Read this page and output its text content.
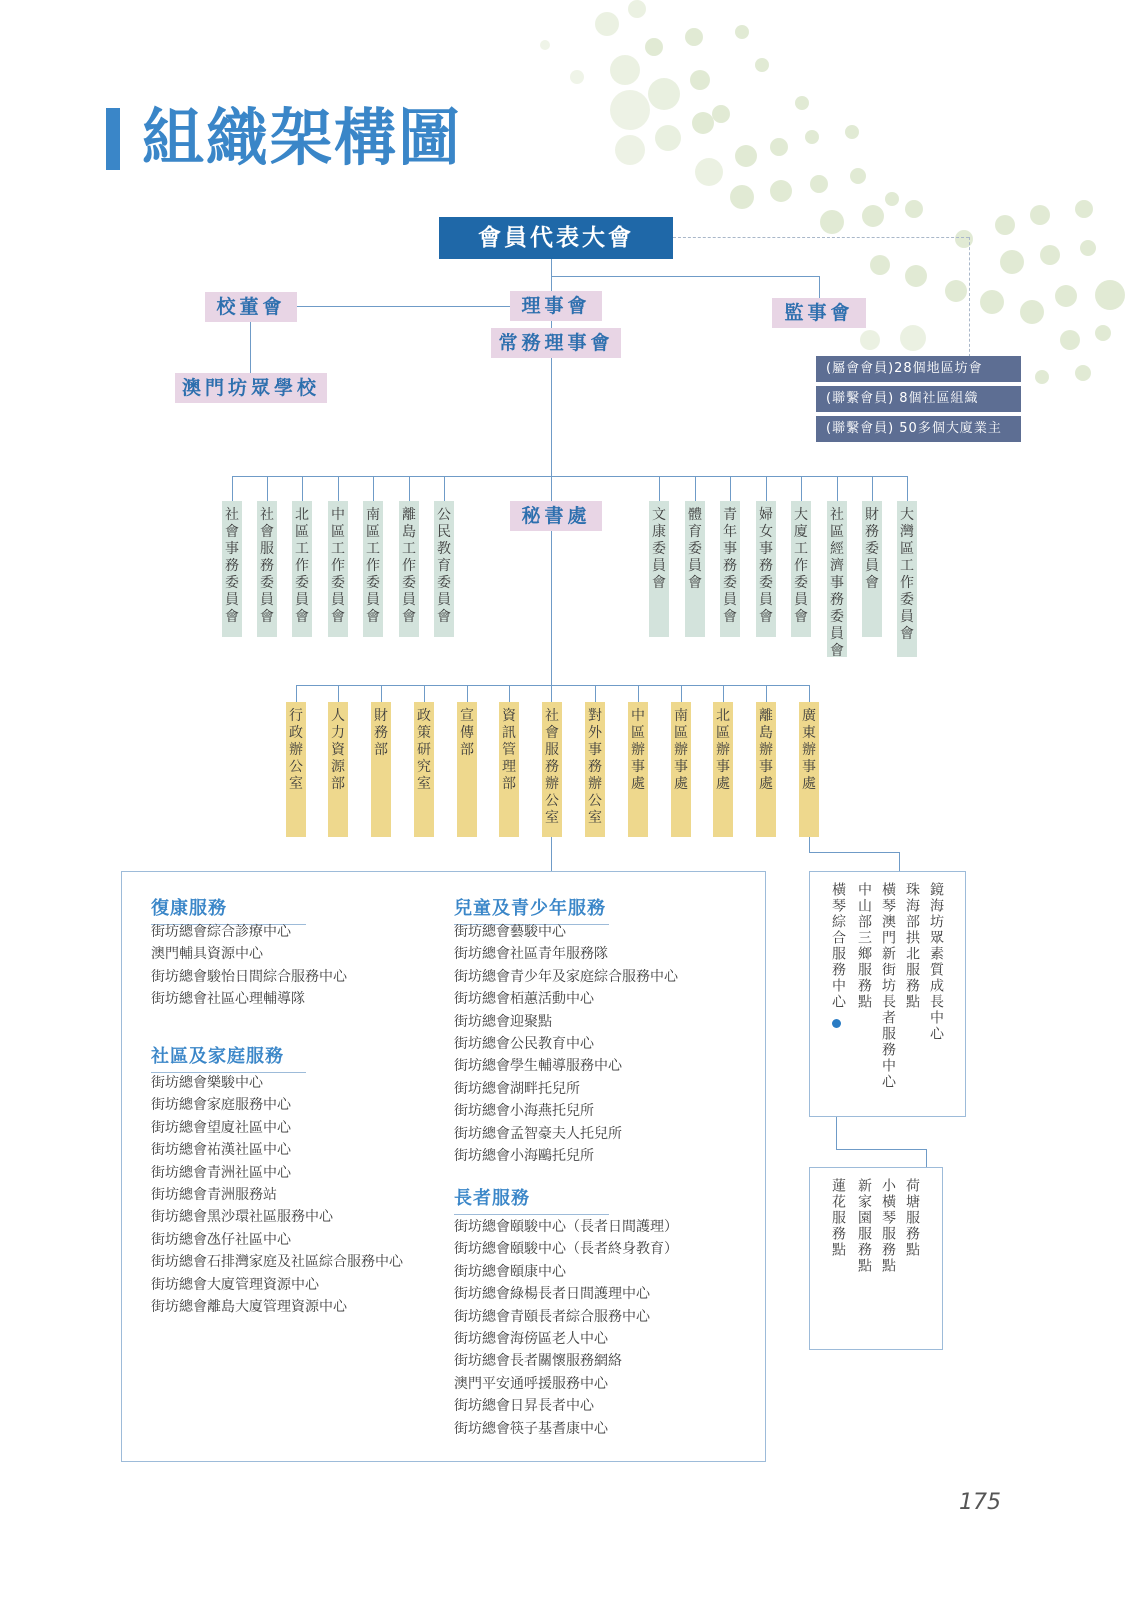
組織架構圖
會員代表大會
理事會
常務理事會
監事會
校董會
澳門坊眾學校
秘書處
(屬會會員)28個地區坊會
(聯繫會員) 8個社區組織
(聯繫會員) 50多個大廈業主
社會事務委員會
社會服務委員會
北區工作委員會
中區工作委員會
南區工作委員會
離島工作委員會
公民教育委員會
文康委員會
體育委員會
青年事務委員會
婦女事務委員會
大廈工作委員會
社區經濟事務委員會
財務委員會
大灣區工作委員會
行政辦公室
人力資源部
財務部
政策研究室
宣傳部
資訊管理部
社會服務辦公室
對外事務辦公室
中區辦事處
南區辦事處
北區辦事處
離島辦事處
廣東辦事處
復康服務
街坊總會綜合診療中心
澳門輔具資源中心
街坊總會駿怡日間綜合服務中心
街坊總會社區心理輔導隊
社區及家庭服務
街坊總會樂駿中心
街坊總會家庭服務中心
街坊總會望廈社區中心
街坊總會祐漢社區中心
街坊總會青洲社區中心
街坊總會青洲服務站
街坊總會黑沙環社區服務中心
街坊總會氹仔社區中心
街坊總會石排灣家庭及社區綜合服務中心
街坊總會大廈管理資源中心
街坊總會離島大廈管理資源中心
兒童及青少年服務
街坊總會藝駿中心
街坊總會社區青年服務隊
街坊總會青少年及家庭綜合服務中心
街坊總會栢蕙活動中心
街坊總會迎聚點
街坊總會公民教育中心
街坊總會學生輔導服務中心
街坊總會湖畔托兒所
街坊總會小海燕托兒所
街坊總會孟智豪夫人托兒所
街坊總會小海鷗托兒所
長者服務
街坊總會頤駿中心（長者日間護理）
街坊總會頤駿中心（長者終身教育）
街坊總會頤康中心
街坊總會綠楊長者日間護理中心
街坊總會青頤長者綜合服務中心
街坊總會海傍區老人中心
街坊總會長者關懷服務網絡
澳門平安通呼援服務中心
街坊總會日昇長者中心
街坊總會筷子基耆康中心
鏡海坊眾素質成長中心
珠海部拱北服務點
橫琴澳門新街坊長者服務中心
中山部三鄉服務點
橫琴綜合服務中心
荷塘服務點
小橫琴服務點
新家園服務點
蓮花服務點
175
